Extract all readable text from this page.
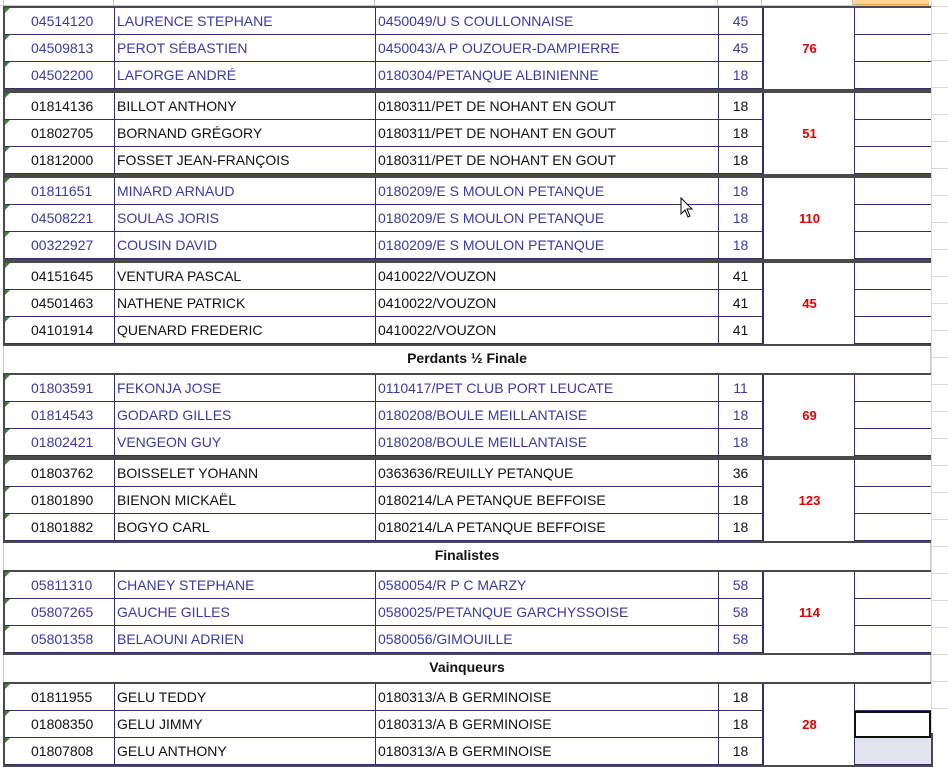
04514120	LAURENCE STEPHANE	0450049/U S COULLONNAISE	45
04509813	PEROT SÉBASTIEN	0450043/A P OUZOUER-DAMPIERRE	45
04502200	LAFORGE ANDRÉ	0180304/PETANQUE ALBINIENNE	18
76
01814136	BILLOT ANTHONY	0180311/PET DE NOHANT EN GOUT	18
01802705	BORNAND GRÉGORY	0180311/PET DE NOHANT EN GOUT	18
01812000	FOSSET JEAN-FRANÇOIS	0180311/PET DE NOHANT EN GOUT	18
51
01811651	MINARD ARNAUD	0180209/E S MOULON PETANQUE	18
04508221	SOULAS JORIS	0180209/E S MOULON PETANQUE	18
00322927	COUSIN DAVID	0180209/E S MOULON PETANQUE	18
110
04151645	VENTURA PASCAL	0410022/VOUZON	41
04501463	NATHENE PATRICK	0410022/VOUZON	41
04101914	QUENARD FREDERIC	0410022/VOUZON	41
45
Perdants ½ Finale
01803591	FEKONJA JOSE	0110417/PET CLUB PORT LEUCATE	11
01814543	GODARD GILLES	0180208/BOULE MEILLANTAISE	18
01802421	VENGEON GUY	0180208/BOULE MEILLANTAISE	18
69
01803762	BOISSELET YOHANN	0363636/REUILLY PETANQUE	36
01801890	BIENON MICKAËL	0180214/LA PETANQUE BEFFOISE	18
01801882	BOGYO CARL	0180214/LA PETANQUE BEFFOISE	18
123
Finalistes
05811310	CHANEY STEPHANE	0580054/R P C MARZY	58
05807265	GAUCHE GILLES	0580025/PETANQUE GARCHYSSOISE	58
05801358	BELAOUNI ADRIEN	0580056/GIMOUILLE	58
114
Vainqueurs
01811955	GELU TEDDY	0180313/A B GERMINOISE	18
01808350	GELU JIMMY	0180313/A B GERMINOISE	18
01807808	GELU ANTHONY	0180313/A B GERMINOISE	18
28
